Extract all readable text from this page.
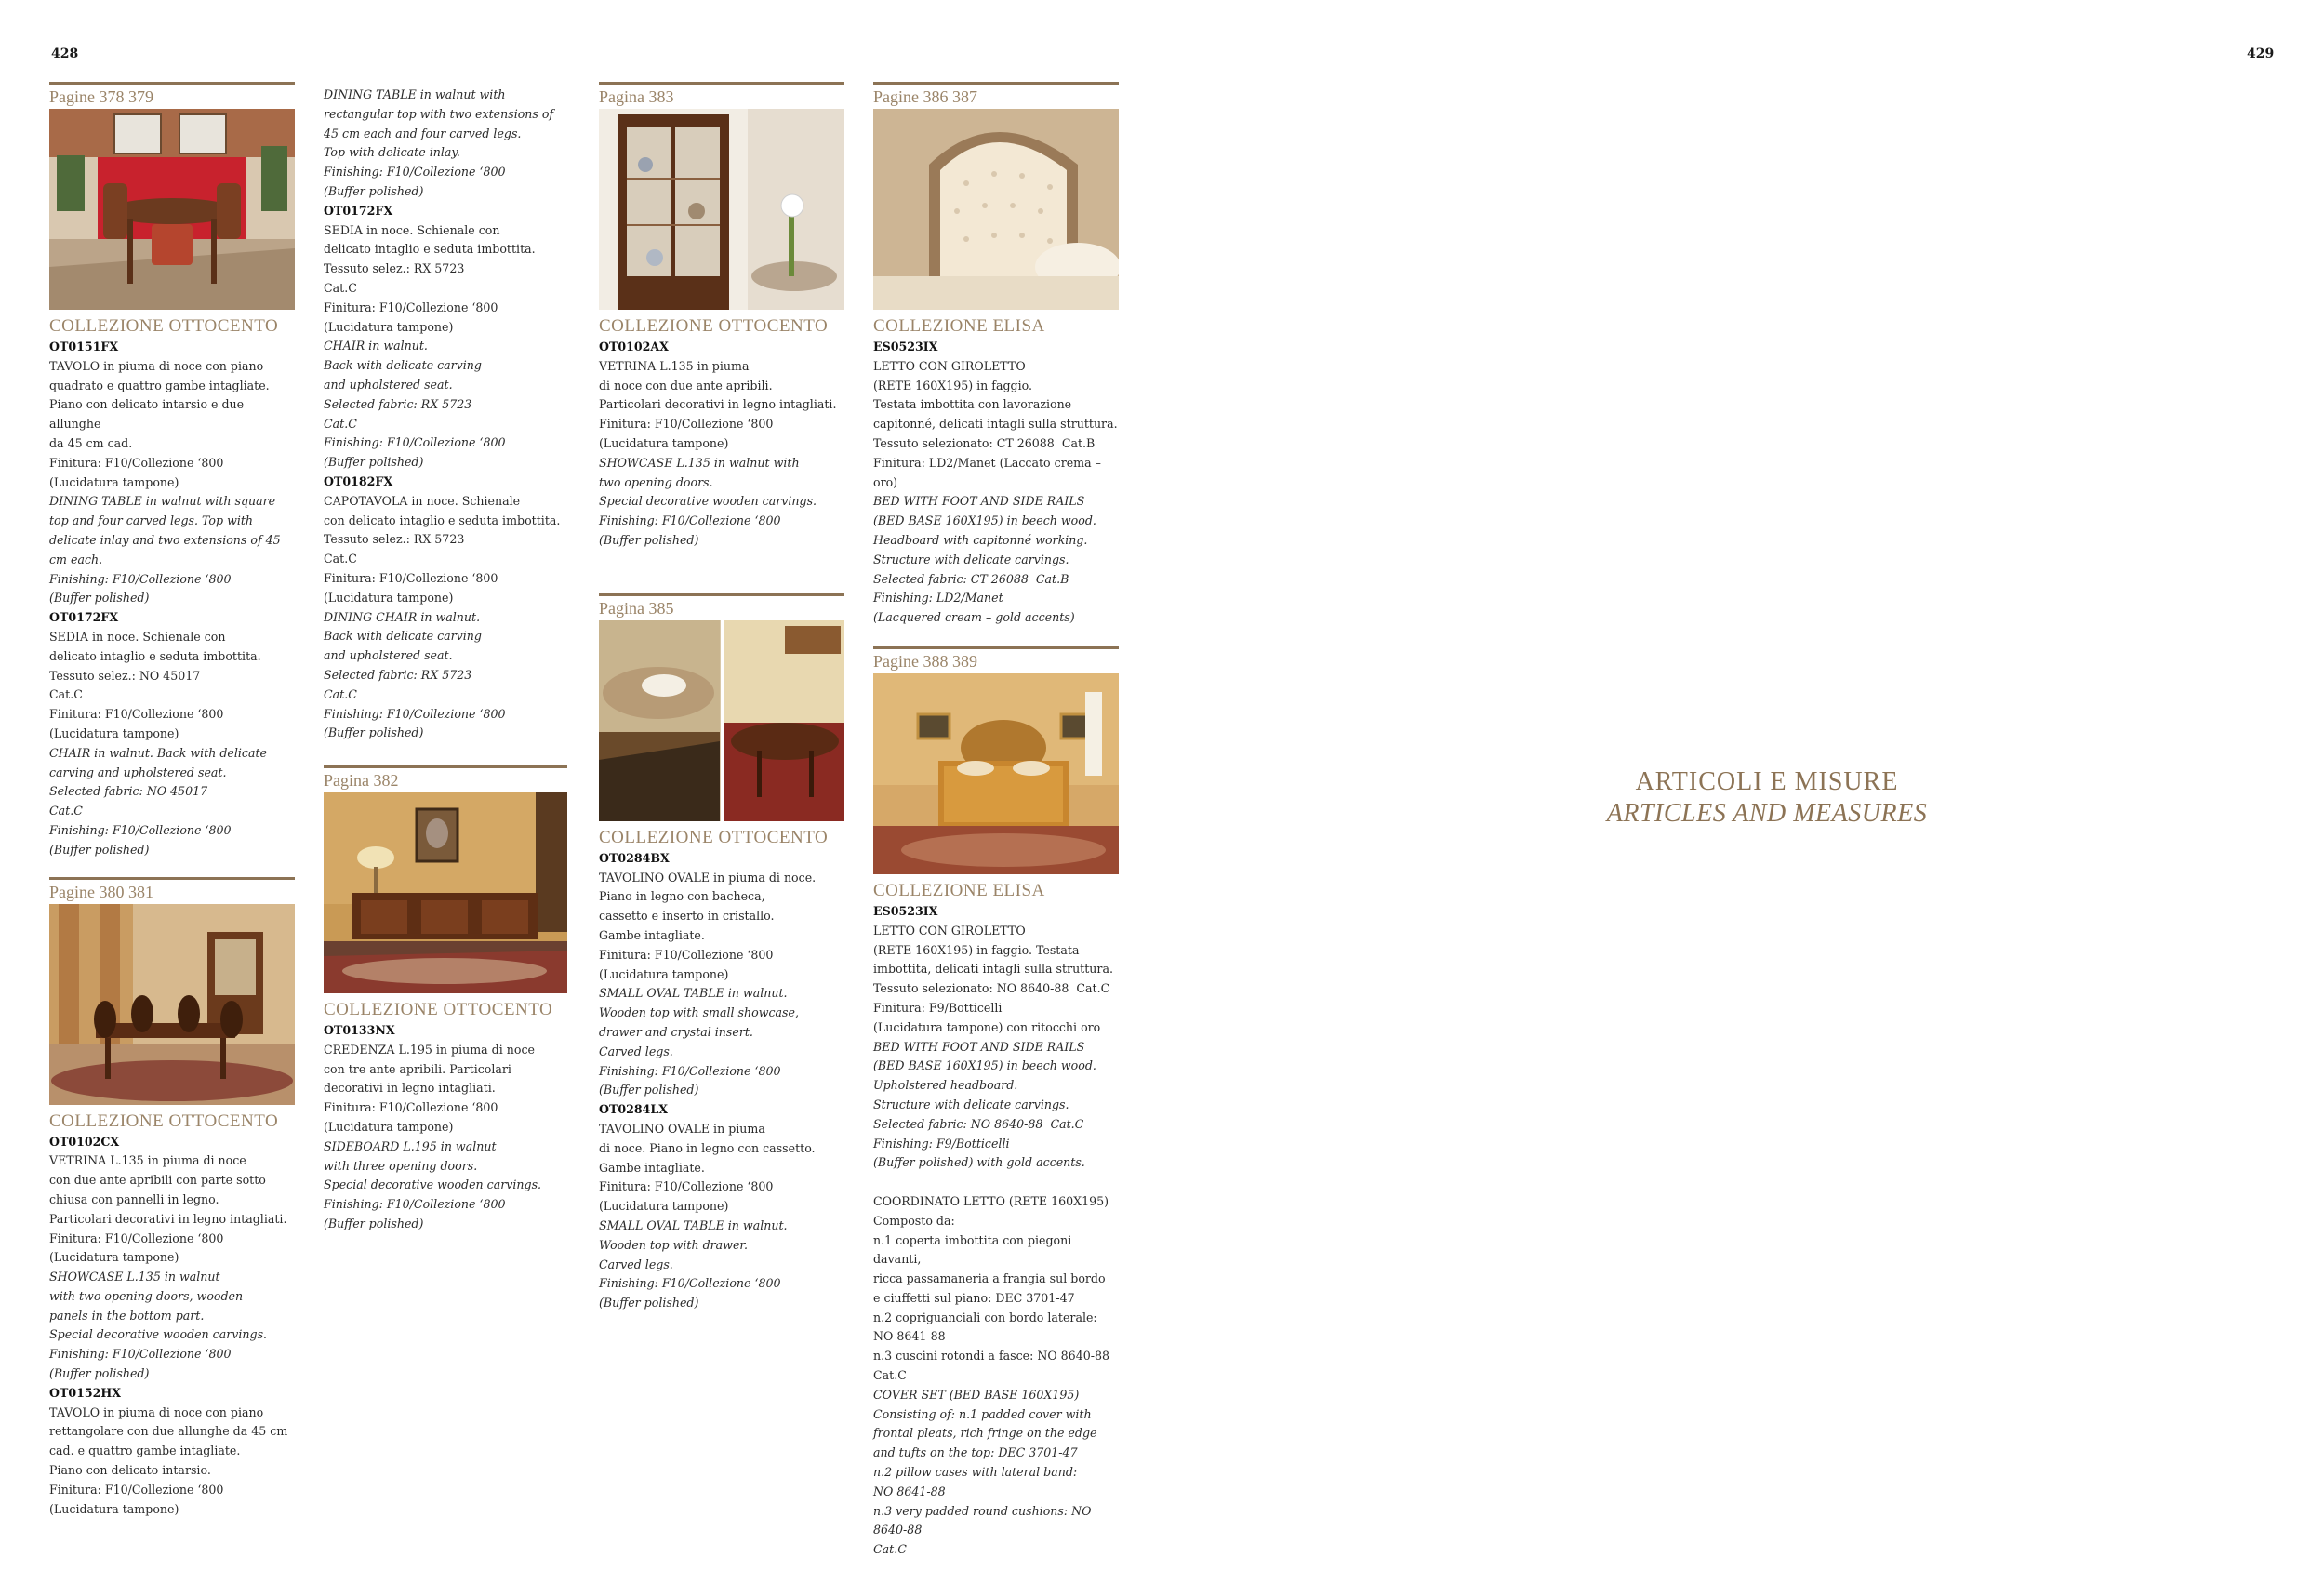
428	429
Pagine 378 379
COLLEZIONE OTTOCENTO
OT0151FX
TAVOLO in piuma di noce con piano
quadrato e quattro gambe intagliate.
Piano con delicato intarsio e due allunghe
da 45 cm cad.
Finitura: F10/Collezione ‘800
(Lucidatura tampone)
DINING TABLE in walnut with square
top and four carved legs. Top with
delicate inlay and two extensions of 45
cm each.
Finishing: F10/Collezione ‘800
(Buffer polished)
OT0172FX
SEDIA in noce. Schienale con
delicato intaglio e seduta imbottita.
Tessuto selez.: NO 45017
Cat.C
Finitura: F10/Collezione ‘800
(Lucidatura tampone)
CHAIR in walnut. Back with delicate
carving and upholstered seat.
Selected fabric: NO 45017
Cat.C
Finishing: F10/Collezione ‘800
(Buffer polished)
Pagine 380 381
COLLEZIONE OTTOCENTO
OT0102CX
VETRINA L.135 in piuma di noce
con due ante apribili con parte sotto
chiusa con pannelli in legno.
Particolari decorativi in legno intagliati.
Finitura: F10/Collezione ‘800
(Lucidatura tampone)
SHOWCASE L.135 in walnut
with two opening doors, wooden
panels in the bottom part.
Special decorative wooden carvings.
Finishing: F10/Collezione ‘800
(Buffer polished)
OT0152HX
TAVOLO in piuma di noce con piano
rettangolare con due allunghe da 45 cm
cad. e quattro gambe intagliate.
Piano con delicato intarsio.
Finitura: F10/Collezione ‘800
(Lucidatura tampone)
DINING TABLE in walnut with
rectangular top with two extensions of
45 cm each and four carved legs.
Top with delicate inlay.
Finishing: F10/Collezione ‘800
(Buffer polished)
OT0172FX
SEDIA in noce. Schienale con
delicato intaglio e seduta imbottita.
Tessuto selez.: RX 5723
Cat.C
Finitura: F10/Collezione ‘800
(Lucidatura tampone)
CHAIR in walnut.
Back with delicate carving
and upholstered seat.
Selected fabric: RX 5723
Cat.C
Finishing: F10/Collezione ‘800
(Buffer polished)
OT0182FX
CAPOTAVOLA in noce. Schienale
con delicato intaglio e seduta imbottita.
Tessuto selez.: RX 5723
Cat.C
Finitura: F10/Collezione ‘800
(Lucidatura tampone)
DINING CHAIR in walnut.
Back with delicate carving
and upholstered seat.
Selected fabric: RX 5723
Cat.C
Finishing: F10/Collezione ‘800
(Buffer polished)
Pagina 382
COLLEZIONE OTTOCENTO
OT0133NX
CREDENZA L.195 in piuma di noce
con tre ante apribili. Particolari
decorativi in legno intagliati.
Finitura: F10/Collezione ‘800
(Lucidatura tampone)
SIDEBOARD L.195 in walnut
with three opening doors.
Special decorative wooden carvings.
Finishing: F10/Collezione ‘800
(Buffer polished)
Pagina 383
COLLEZIONE OTTOCENTO
OT0102AX
VETRINA L.135 in piuma
di noce con due ante apribili.
Particolari decorativi in legno intagliati.
Finitura: F10/Collezione ‘800
(Lucidatura tampone)
SHOWCASE L.135 in walnut with
two opening doors.
Special decorative wooden carvings.
Finishing: F10/Collezione ‘800
(Buffer polished)
Pagina 385
COLLEZIONE OTTOCENTO
OT0284BX
TAVOLINO OVALE in piuma di noce.
Piano in legno con bacheca,
cassetto e inserto in cristallo.
Gambe intagliate.
Finitura: F10/Collezione ‘800
(Lucidatura tampone)
SMALL OVAL TABLE in walnut.
Wooden top with small showcase,
drawer and crystal insert.
Carved legs.
Finishing: F10/Collezione ‘800
(Buffer polished)
OT0284LX
TAVOLINO OVALE in piuma
di noce. Piano in legno con cassetto.
Gambe intagliate.
Finitura: F10/Collezione ‘800
(Lucidatura tampone)
SMALL OVAL TABLE in walnut.
Wooden top with drawer.
Carved legs.
Finishing: F10/Collezione ‘800
(Buffer polished)
Pagine 386 387
COLLEZIONE ELISA
ES0523IX
LETTO CON GIROLETTO
(RETE 160X195) in faggio.
Testata imbottita con lavorazione
capitonné, delicati intagli sulla struttura.
Tessuto selezionato: CT 26088  Cat.B
Finitura: LD2/Manet (Laccato crema – oro)
BED WITH FOOT AND SIDE RAILS
(BED BASE 160X195) in beech wood.
Headboard with capitonné working.
Structure with delicate carvings.
Selected fabric: CT 26088  Cat.B
Finishing: LD2/Manet
(Lacquered cream – gold accents)
Pagine 388 389
COLLEZIONE ELISA
ES0523IX
LETTO CON GIROLETTO
(RETE 160X195) in faggio. Testata
imbottita, delicati intagli sulla struttura.
Tessuto selezionato: NO 8640-88  Cat.C
Finitura: F9/Botticelli
(Lucidatura tampone) con ritocchi oro
BED WITH FOOT AND SIDE RAILS
(BED BASE 160X195) in beech wood.
Upholstered headboard.
Structure with delicate carvings.
Selected fabric: NO 8640-88  Cat.C
Finishing: F9/Botticelli
(Buffer polished) with gold accents.
COORDINATO LETTO (RETE 160X195)
Composto da:
n.1 coperta imbottita con piegoni davanti,
ricca passamaneria a frangia sul bordo
e ciuffetti sul piano: DEC 3701-47
n.2 copriguanciali con bordo laterale:
NO 8641-88
n.3 cuscini rotondi a fasce: NO 8640-88
Cat.C
COVER SET (BED BASE 160X195)
Consisting of: n.1 padded cover with
frontal pleats, rich fringe on the edge
and tufts on the top: DEC 3701-47
n.2 pillow cases with lateral band:
NO 8641-88
n.3 very padded round cushions: NO 8640-88
Cat.C
ARTICOLI E MISURE
ARTICLES AND MEASURES
